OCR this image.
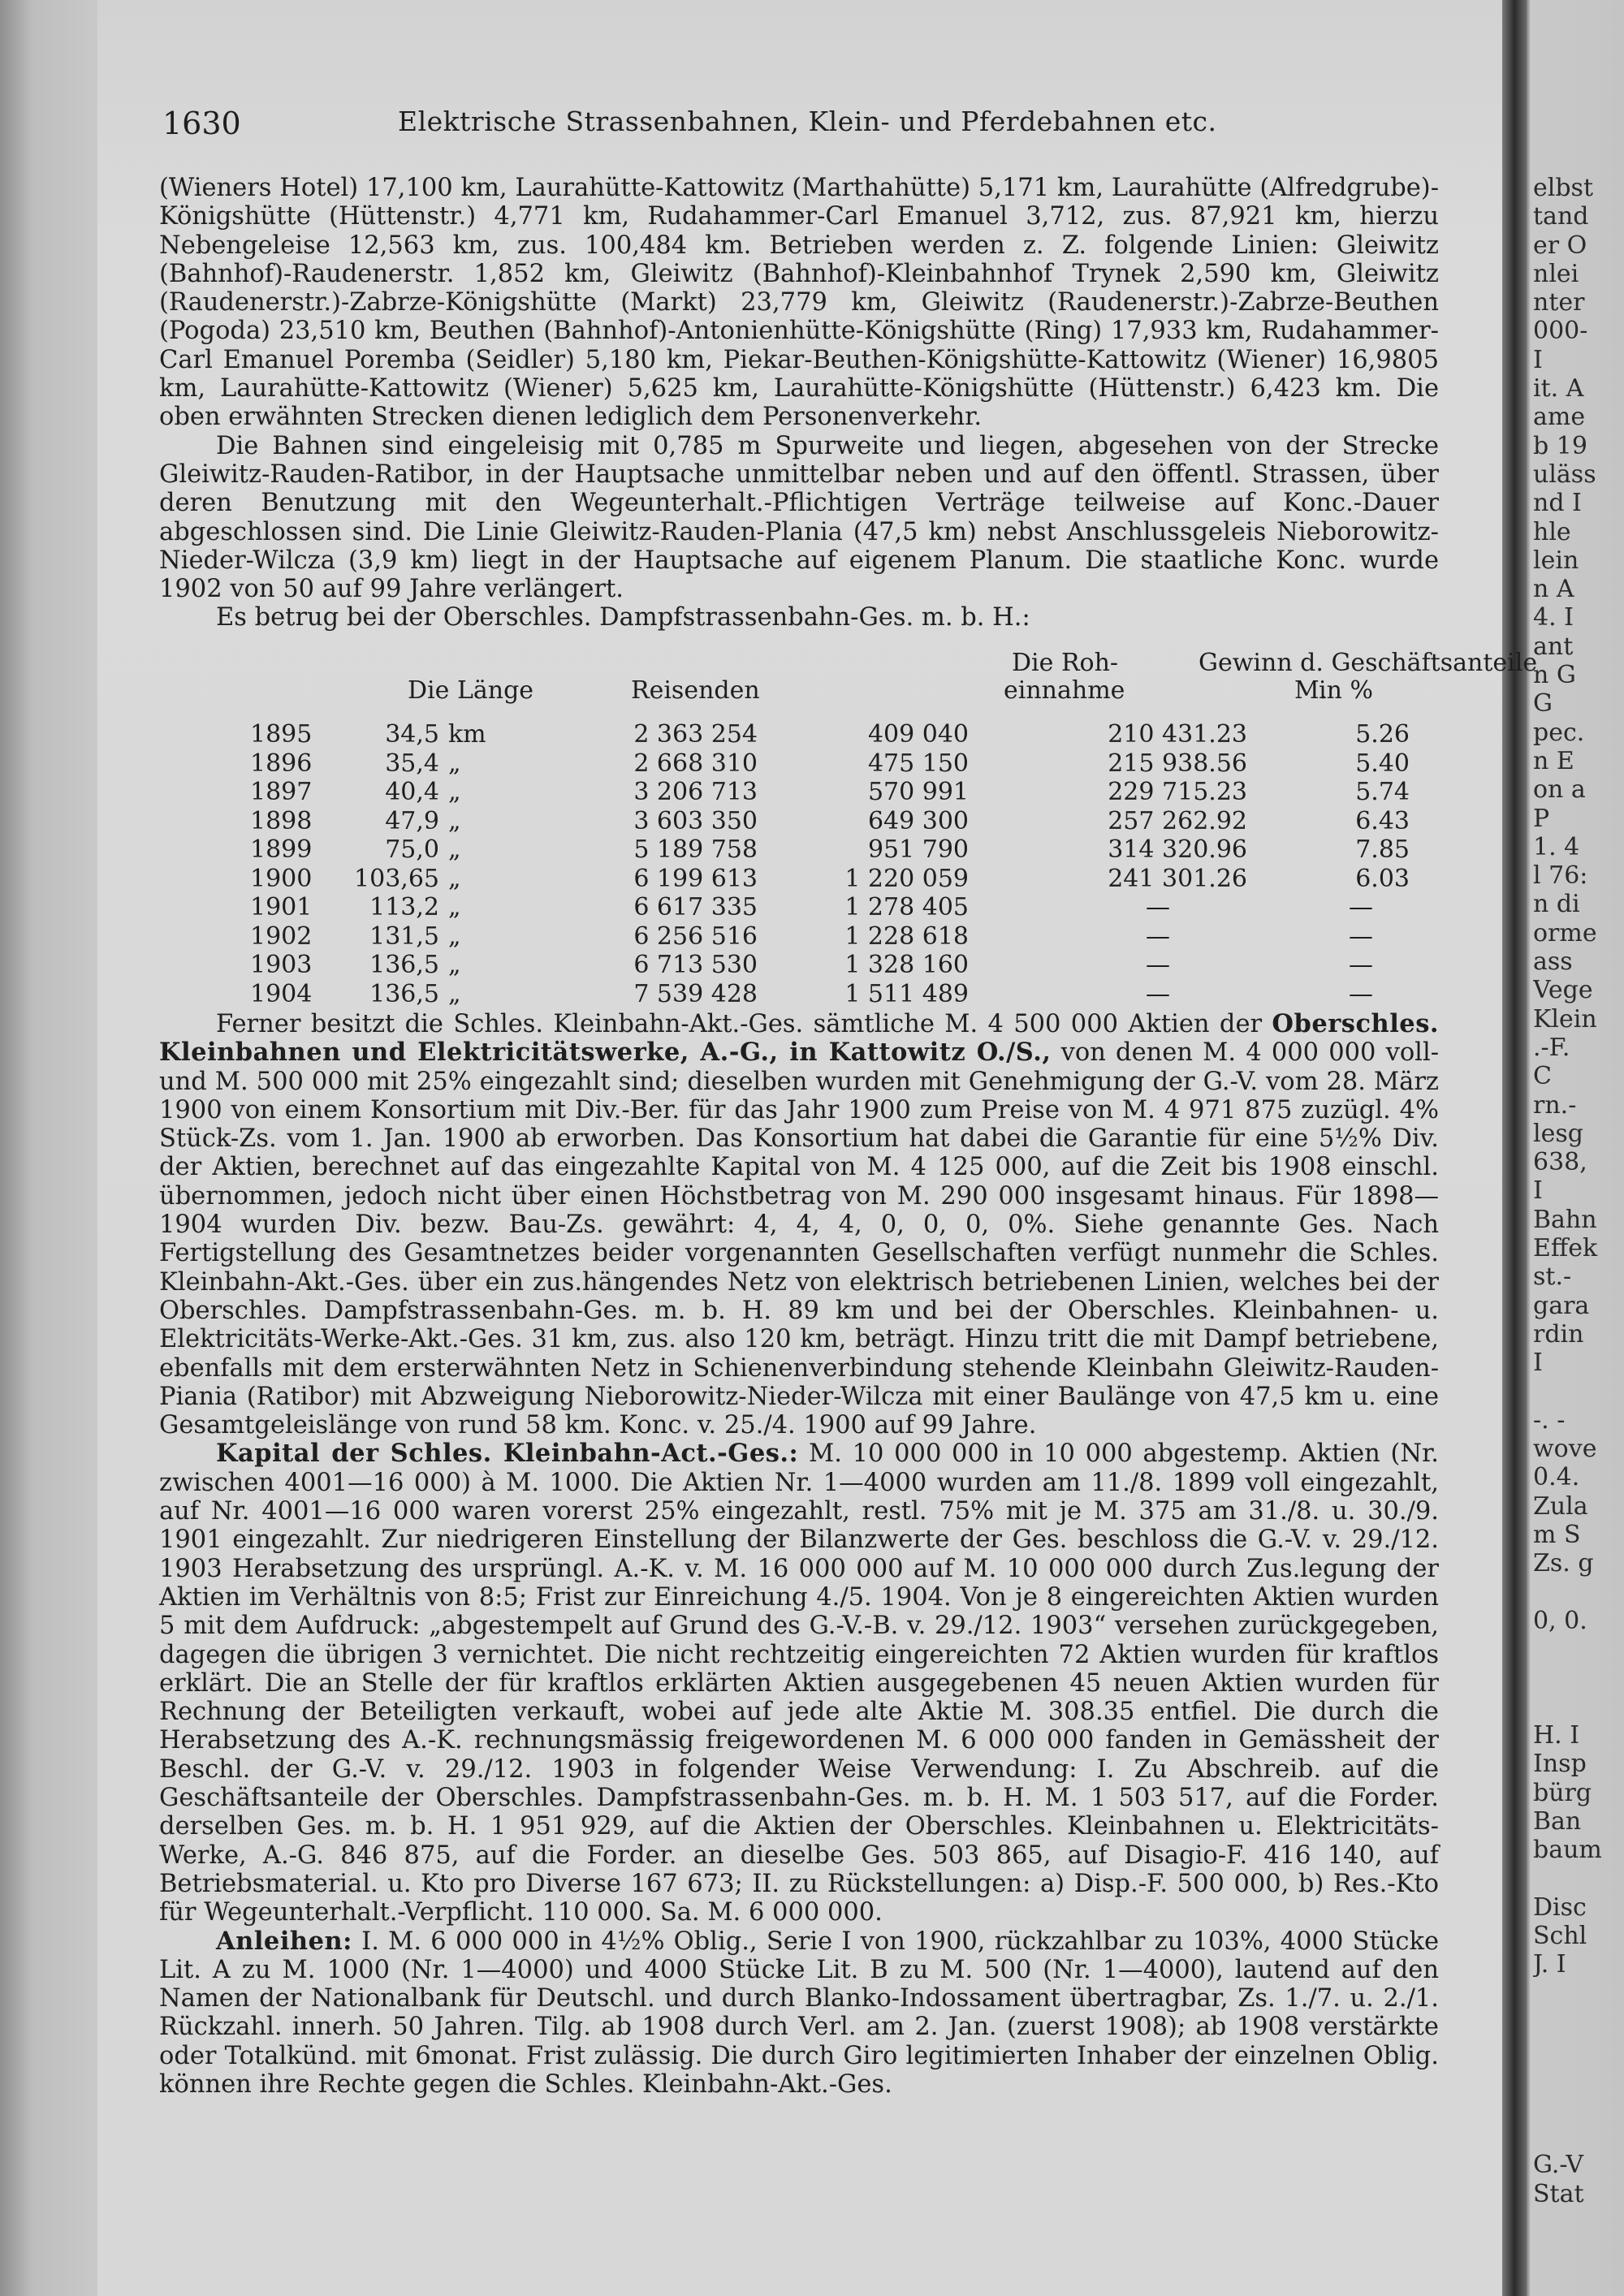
1630	Elektrische Strassenbahnen, Klein- und Pferdebahnen etc.

(Wieners Hotel) 17,100 km, Laurahütte-Kattowitz (Marthahütte) 5,171 km, Laurahütte (Alfredgrube)-Königshütte (Hüttenstr.) 4,771 km, Rudahammer-Carl Emanuel 3,712, zus. 87,921 km, hierzu Nebengeleise 12,563 km, zus. 100,484 km. Betrieben werden z. Z. folgende Linien: Gleiwitz (Bahnhof)-Raudenerstr. 1,852 km, Gleiwitz (Bahnhof)-Kleinbahnhof Trynek 2,590 km, Gleiwitz (Raudenerstr.)-Zabrze-Königshütte (Markt) 23,779 km, Gleiwitz (Raudenerstr.)-Zabrze-Beuthen (Pogoda) 23,510 km, Beuthen (Bahnhof)-Antonienhütte-Königshütte (Ring) 17,933 km, Rudahammer-Carl Emanuel Poremba (Seidler) 5,180 km, Piekar-Beuthen-Königshütte-Kattowitz (Wiener) 16,9805 km, Laurahütte-Kattowitz (Wiener) 5,625 km, Laurahütte-Königshütte (Hüttenstr.) 6,423 km. Die oben erwähnten Strecken dienen lediglich dem Personenverkehr.

Die Bahnen sind eingeleisig mit 0,785 m Spurweite und liegen, abgesehen von der Strecke Gleiwitz-Rauden-Ratibor, in der Hauptsache unmittelbar neben und auf den öffentl. Strassen, über deren Benutzung mit den Wegeunterhalt.-Pflichtigen Verträge teilweise auf Konc.-Dauer abgeschlossen sind. Die Linie Gleiwitz-Rauden-Plania (47,5 km) nebst Anschlussgeleis Nieborowitz-Nieder-Wilcza (3,9 km) liegt in der Hauptsache auf eigenem Planum. Die staatliche Konc. wurde 1902 von 50 auf 99 Jahre verlängert.

Es betrug bei der Oberschles. Dampfstrassenbahn-Ges. m. b. H.:

Die Roh-	Gewinn d. Geschäftsanteile
Die Länge	Reisenden	einnahme	M.
in %
1895	34,5 km	2 363 254	409 040	210 431.23	5.26
1896	35,4 „	2 668 310	475 150	215 938.56	5.40
1897	40,4 „	3 206 713	570 991	229 715.23	5.74
1898	47,9 „	3 603 350	649 300	257 262.92	6.43
1899	75,0 „	5 189 758	951 790	314 320.96	7.85
1900 103,65 „	6 199 613	1 220 059	241 301.26	6.03
1901	113,2 „	6 617 335	1 278 405	—	—
1902	131,5 „	6 256 516	1 228 618	—	—
1903	136,5 „	6 713 530	1 328 160	—	—
1904	136,5 „	7 539 428	1 511 489	—	—

Ferner besitzt die Schles. Kleinbahn-Akt.-Ges. sämtliche M. 4 500 000 Aktien der Oberschles. Kleinbahnen und Elektricitätswerke, A.-G., in Kattowitz O./S., von denen M. 4 000 000 voll- und M. 500 000 mit 25% eingezahlt sind; dieselben wurden mit Genehmigung der G.-V. vom 28. März 1900 von einem Konsortium mit Div.-Ber. für das Jahr 1900 zum Preise von M. 4 971 875 zuzügl. 4% Stück-Zs. vom 1. Jan. 1900 ab erworben. Das Konsortium hat dabei die Garantie für eine 5½% Div. der Aktien, berechnet auf das eingezahlte Kapital von M. 4 125 000, auf die Zeit bis 1908 einschl. übernommen, jedoch nicht über einen Höchstbetrag von M. 290 000 insgesamt hinaus. Für 1898—1904 wurden Div. bezw. Bau-Zs. gewährt: 4, 4, 4, 0, 0, 0, 0%. Siehe genannte Ges. Nach Fertigstellung des Gesamtnetzes beider vorgenannten Gesellschaften verfügt nunmehr die Schles. Kleinbahn-Akt.-Ges. über ein zus.hängendes Netz von elektrisch betriebenen Linien, welches bei der Oberschles. Dampfstrassenbahn-Ges. m. b. H. 89 km und bei der Oberschles. Kleinbahnen- u. Elektricitäts-Werke-Akt.-Ges. 31 km, zus. also 120 km, beträgt. Hinzu tritt die mit Dampf betriebene, ebenfalls mit dem ersterwähnten Netz in Schienenverbindung stehende Kleinbahn Gleiwitz-Rauden-Piania (Ratibor) mit Abzweigung Nieborowitz-Nieder-Wilcza mit einer Baulänge von 47,5 km u. eine Gesamtgeleislänge von rund 58 km. Konc. v. 25./4. 1900 auf 99 Jahre.

Kapital der Schles. Kleinbahn-Act.-Ges.: M. 10 000 000 in 10 000 abgestemp. Aktien (Nr. zwischen 4001—16 000) à M. 1000. Die Aktien Nr. 1—4000 wurden am 11./8. 1899 voll eingezahlt, auf Nr. 4001—16 000 waren vorerst 25% eingezahlt, restl. 75% mit je M. 375 am 31./8. u. 30./9. 1901 eingezahlt. Zur niedrigeren Einstellung der Bilanzwerte der Ges. beschloss die G.-V. v. 29./12. 1903 Herabsetzung des ursprüngl. A.-K. v. M. 16 000 000 auf M. 10 000 000 durch Zus.legung der Aktien im Verhältnis von 8:5; Frist zur Einreichung 4./5. 1904. Von je 8 eingereichten Aktien wurden 5 mit dem Aufdruck: „abgestempelt auf Grund des G.-V.-B. v. 29./12. 1903“ versehen zurückgegeben, dagegen die übrigen 3 vernichtet. Die nicht rechtzeitig eingereichten 72 Aktien wurden für kraftlos erklärt. Die an Stelle der für kraftlos erklärten Aktien ausgegebenen 45 neuen Aktien wurden für Rechnung der Beteiligten verkauft, wobei auf jede alte Aktie M. 308.35 entfiel. Die durch die Herabsetzung des A.-K. rechnungsmässig freigewordenen M. 6 000 000 fanden in Gemässheit der Beschl. der G.-V. v. 29./12. 1903 in folgender Weise Verwendung: I. Zu Abschreib. auf die Geschäftsanteile der Oberschles. Dampfstrassenbahn-Ges. m. b. H. M. 1 503 517, auf die Forder. derselben Ges. m. b. H. 1 951 929, auf die Aktien der Oberschles. Kleinbahnen u. Elektricitäts-Werke, A.-G. 846 875, auf die Forder. an dieselbe Ges. 503 865, auf Disagio-F. 416 140, auf Betriebsmaterial. u. Kto pro Diverse 167 673; II. zu Rückstellungen: a) Disp.-F. 500 000, b) Res.-Kto für Wegeunterhalt.-Verpflicht. 110 000. Sa. M. 6 000 000.

Anleihen: I. M. 6 000 000 in 4½% Oblig., Serie I von 1900, rückzahlbar zu 103%, 4000 Stücke Lit. A zu M. 1000 (Nr. 1—4000) und 4000 Stücke Lit. B zu M. 500 (Nr. 1—4000), lautend auf den Namen der Nationalbank für Deutschl. und durch Blanko-Indossament übertragbar, Zs. 1./7. u. 2./1. Rückzahl. innerh. 50 Jahren. Tilg. ab 1908 durch Verl. am 2. Jan. (zuerst 1908); ab 1908 verstärkte oder Totalkünd. mit 6monat. Frist zulässig. Die durch Giro legitimierten Inhaber der einzelnen Oblig. können ihre Rechte gegen die Schles. Kleinbahn-Akt.-Ges.

elbst
tand
er O
nlei
nter
000-
I
it. A
ame
b 19
uläss
nd I
hle
lein
n A
4. I
ant
n G
G
pec.
n E
on a
P
1. 4
l 76:
n di
orme
ass
Vege
Klein
.-F.
C
rn.-
lesg
638,
I
Bahn
Effek
st.-
gara
rdin
I
-. -
wove
0.4.
Zula
m S
Zs. g
0, 0.
H. I
Insp
bürg
Ban
baum
Disc
Schl
J. I
G.-V
Stat
